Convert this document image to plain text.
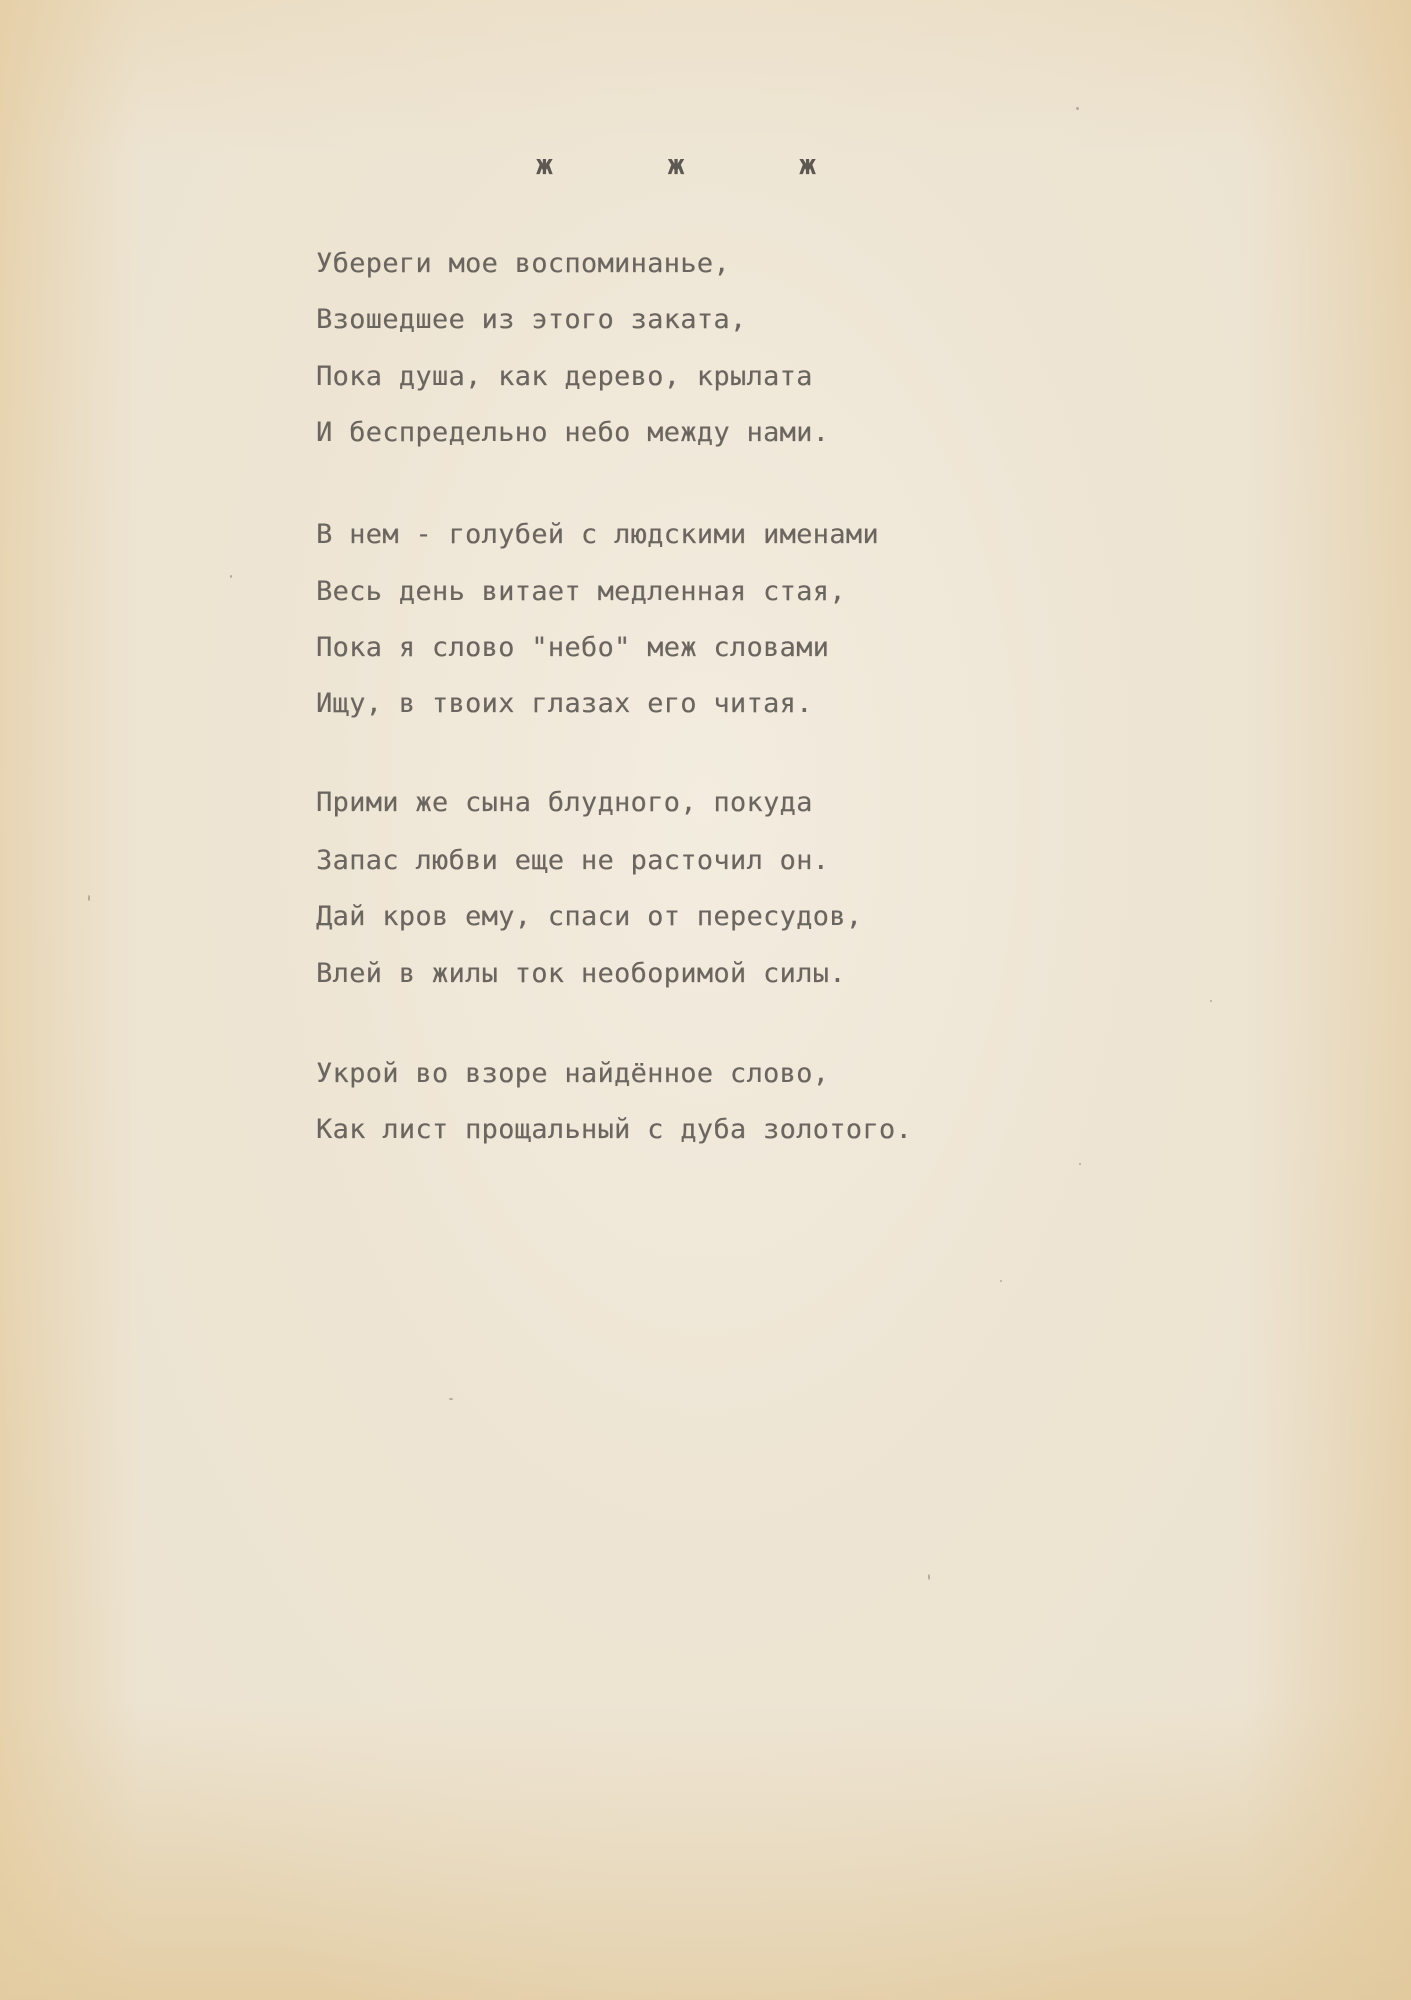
ж	ж	ж
Убереги мое воспоминанье,
Взошедшее из этого заката,
Пока душа, как дерево, крылата
И беспредельно небо между нами.
В нем - голубей с людскими именами
Весь день витает медленная стая,
Пока я слово "небо" меж словами
Ищу, в твоих глазах его читая.
Прими же сына блудного, покуда
Запас любви еще не расточил он.
Дай кров ему, спаси от пересудов,
Влей в жилы ток необоримой силы.
Укрой во взоре найдённое слово,
Как лист прощальный с дуба золотого.
